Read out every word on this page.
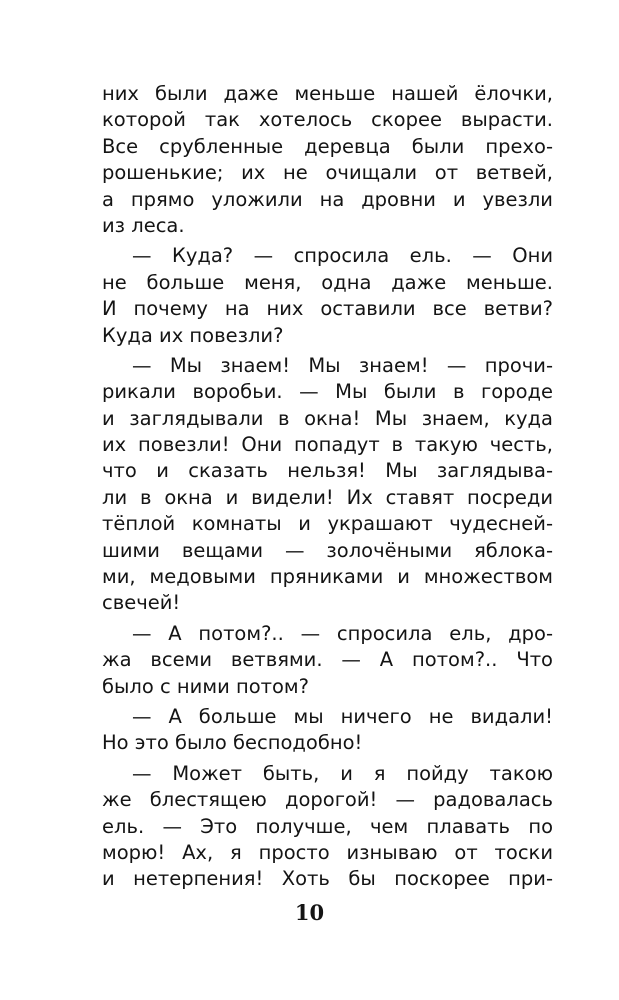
них были даже меньше нашей ёлочки,
которой так хотелось скорее вырасти.
Все срубленные деревца были прехо-
рошенькие; их не очищали от ветвей,
а прямо уложили на дровни и увезли
из леса.
— Куда? — спросила ель. — Они
не больше меня, одна даже меньше.
И почему на них оставили все ветви?
Куда их повезли?
— Мы знаем! Мы знаем! — прочи-
рикали воробьи. — Мы были в городе
и заглядывали в окна! Мы знаем, куда
их повезли! Они попадут в такую честь,
что и сказать нельзя! Мы заглядыва-
ли в окна и видели! Их ставят посреди
тёплой комнаты и украшают чудесней-
шими вещами — золочёными яблока-
ми, медовыми пряниками и множеством
свечей!
— А потом?.. — спросила ель, дро-
жа всеми ветвями. — А потом?.. Что
было с ними потом?
— А больше мы ничего не видали!
Но это было бесподобно!
— Может быть, и я пойду такою
же блестящею дорогой! — радовалась
ель. — Это получше, чем плавать по
морю! Ах, я просто изнываю от тоски
и нетерпения! Хоть бы поскорее при-
10
